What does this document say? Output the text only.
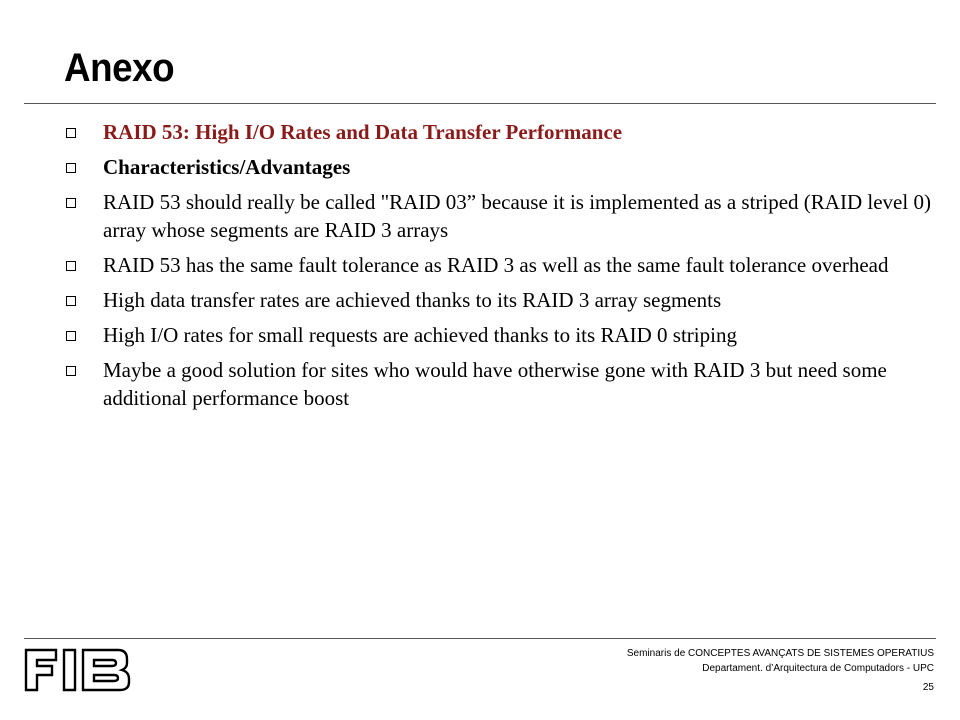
Anexo
RAID 53: High I/O Rates and Data Transfer Performance
Characteristics/Advantages
RAID 53 should really be called "RAID 03” because it is implemented as a striped (RAID level 0) array whose segments are RAID 3 arrays
RAID 53 has the same fault tolerance as RAID 3 as well as the same fault tolerance overhead
High data transfer rates are achieved thanks to its RAID 3 array segments
High I/O rates for small requests are achieved thanks to its RAID 0 striping
Maybe a good solution for sites who would have otherwise gone with RAID 3 but need some additional performance boost
Seminaris de CONCEPTES AVANÇATS DE SISTEMES OPERATIUS
Departament. d’Arquitectura de Computadors - UPC
25
